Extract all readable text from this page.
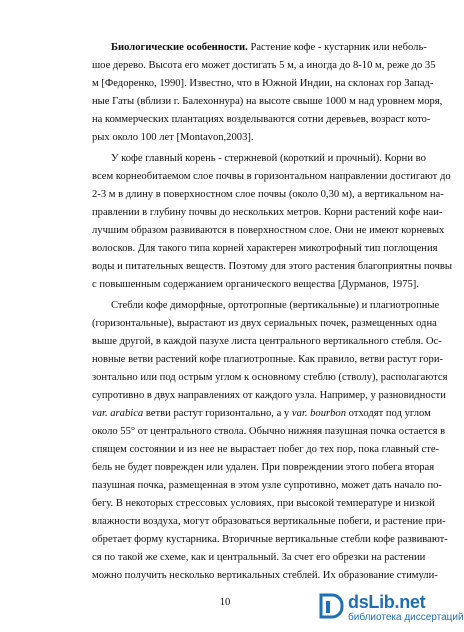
Биологические особенности. Растение кофе - кустарник или неболь-
шое дерево. Высота его может достигать 5 м, а иногда до 8-10 м, реже до 35
м [Федоренко, 1990]. Известно, что в Южной Индии, на склонах гор Запад-
ные Гаты (вблизи г. Балехоннура) на высоте свыше 1000 м над уровнем моря,
на коммерческих плантациях возделываются сотни деревьев, возраст кото-
рых около 100 лет [Montavon,2003].
У кофе главный корень - стержневой (короткий и прочный). Корни во
всем корнеобитаемом слое почвы в горизонтальном направлении достигают до
2-3 м в длину в поверхностном слое почвы (около 0,30 м), а вертикальном на-
правлении в глубину почвы до нескольких метров. Корни растений кофе наи-
лучшим образом развиваются в поверхностном слое. Они не имеют корневых
волосков. Для такого типа корней характерен микотрофный тип поглощения
воды и питательных веществ. Поэтому для этого растения благоприятны почвы
с повышенным содержанием органического вещества [Дурманов, 1975].
Стебли кофе диморфные, ортотропные (вертикальные) и плагиотропные
(горизонтальные), вырастают из двух сериальных почек, размещенных одна
выше другой, в каждой пазухе листа центрального вертикального стебля. Ос-
новные ветви растений кофе плагиотропные. Как правило, ветви растут гори-
зонтально или под острым углом к основному стеблю (стволу), располагаются
супротивно в двух направлениях от каждого узла. Например, у разновидности
var. arabica ветви растут горизонтально, а у var. bourbon отходят под углом
около 55° от центрального ствола. Обычно нижняя пазушная почка остается в
спящем состоянии и из нее не вырастает побег до тех пор, пока главный сте-
бель не будет поврежден или удален. При повреждении этого побега вторая
пазушная почка, размещенная в этом узле супротивно, может дать начало по-
бегу. В некоторых стрессовых условиях, при высокой температуре и низкой
влажности воздуха, могут образоваться вертикальные побеги, и растение при-
обретает форму кустарника. Вторичные вертикальные стебли кофе развивают-
ся по такой же схеме, как и центральный. За счет его обрезки на растении
можно получить несколько вертикальных стеблей. Их образование стимули-
10	dsLib.net
библиотека диссертаций
